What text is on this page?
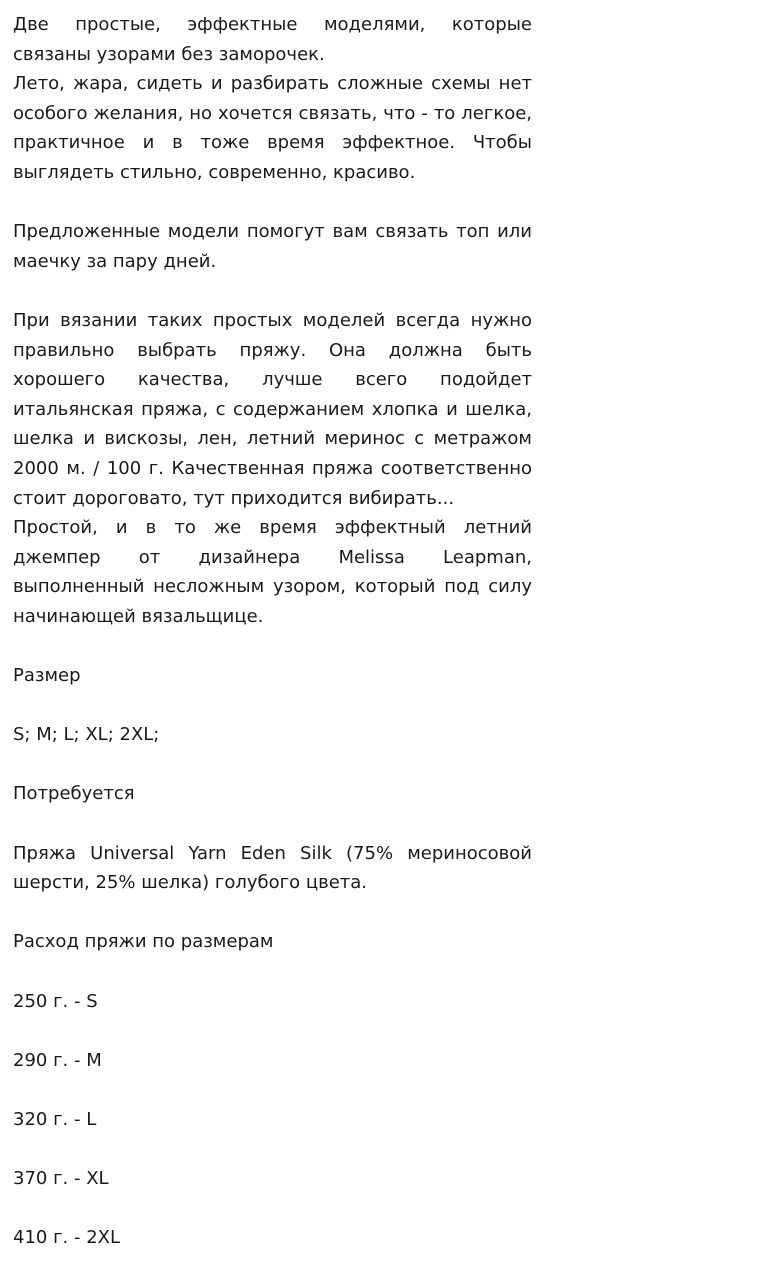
Две простые, эффектные моделями, которые связаны узорами без заморочек.

Лето, жара, сидеть и разбирать сложные схемы нет особого желания, но хочется связать, что - то легкое, практичное и в тоже время эффектное. Чтобы выглядеть стильно, современно, красиво.

Предложенные модели помогут вам связать топ или маечку за пару дней.

При вязании таких простых моделей всегда нужно правильно выбрать пряжу. Она должна быть хорошего качества, лучше всего подойдет итальянская пряжа, с содержанием хлопка и шелка, шелка и вискозы, лен, летний меринос с метражом 2000 м. / 100 г. Качественная пряжа соответственно стоит дороговато, тут приходится вибирать...

Простой, и в то же время эффектный летний джемпер от дизайнера Melissa Leapman, выполненный несложным узором, который под силу начинающей вязальщице.

Размер

S; M; L; XL; 2XL;

Потребуется

Пряжа Universal Yarn Eden Silk (75% мериносовой шерсти, 25% шелка) голубого цвета.

Расход пряжи по размерам

250 г. - S

290 г. - M

320 г. - L

370 г. - XL

410 г. - 2XL
